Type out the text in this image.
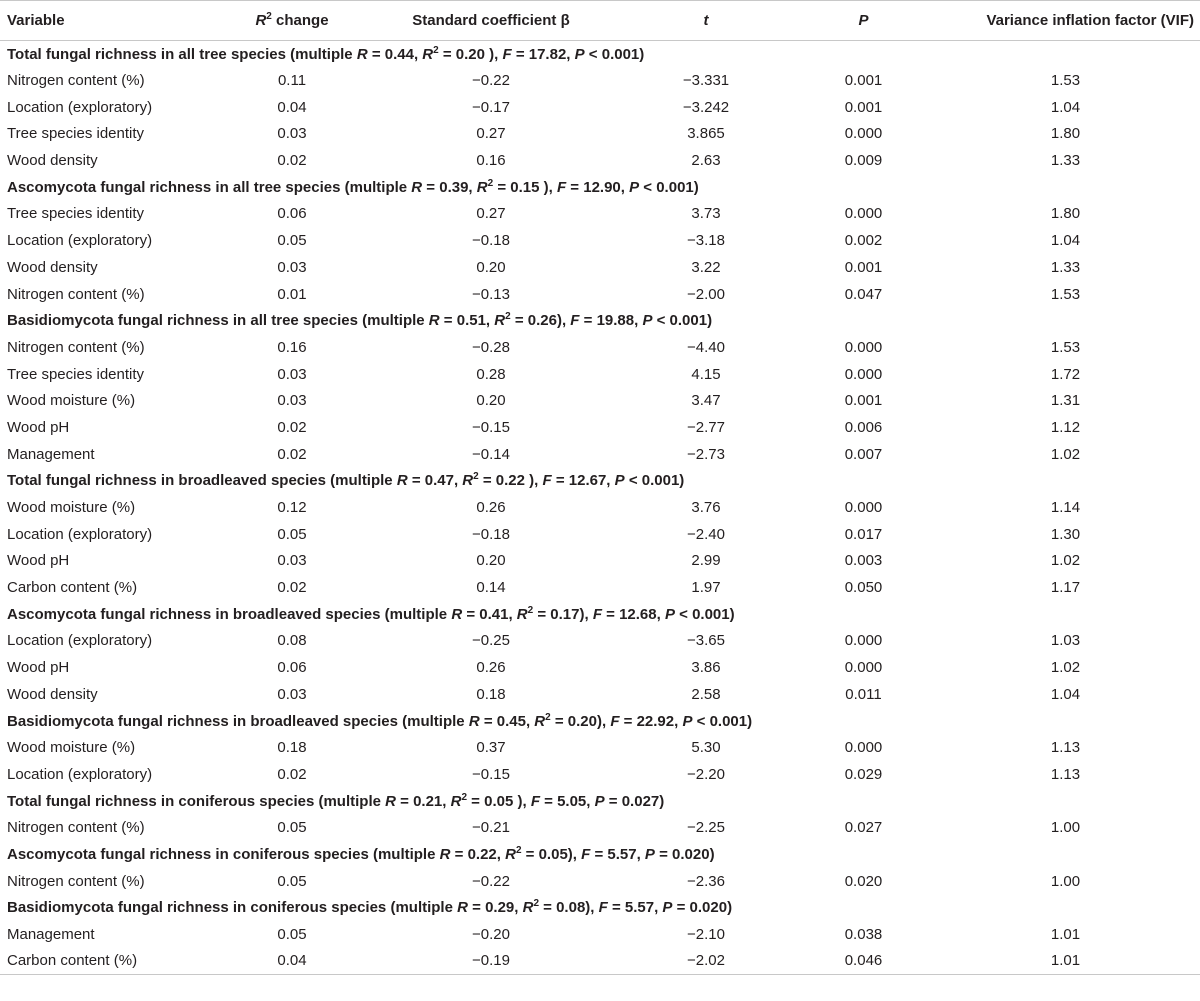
Variable	$R^2$ change	Standard coefficient β	t	P	Variance inflation factor (VIF)
Total fungal richness in all tree species (multiple R = 0.44, $R^2 = 0.20$ ), F = 17.82, P < 0.001)					
Nitrogen content (%)	0.11	−0.22	−3.331	0.001	1.53
Location (exploratory)	0.04	−0.17	−3.242	0.001	1.04
Tree species identity	0.03	0.27	3.865	0.000	1.80
Wood density	0.02	0.16	2.63	0.009	1.33
Ascomycota fungal richness in all tree species (multiple R = 0.39, $R^2 = 0.15$ ), F = 12.90, P < 0.001)					
Tree species identity	0.06	0.27	3.73	0.000	1.80
Location (exploratory)	0.05	−0.18	−3.18	0.002	1.04
Wood density	0.03	0.20	3.22	0.001	1.33
Nitrogen content (%)	0.01	−0.13	−2.00	0.047	1.53
Basidiomycota fungal richness in all tree species (multiple R = 0.51, $R^2 = 0.26$), F = 19.88, P < 0.001)					
Nitrogen content (%)	0.16	−0.28	−4.40	0.000	1.53
Tree species identity	0.03	0.28	4.15	0.000	1.72
Wood moisture (%)	0.03	0.20	3.47	0.001	1.31
Wood pH	0.02	−0.15	−2.77	0.006	1.12
Management	0.02	−0.14	−2.73	0.007	1.02
Total fungal richness in broadleaved species (multiple R = 0.47, $R^2 = 0.22$ ), F = 12.67, P < 0.001)					
Wood moisture (%)	0.12	0.26	3.76	0.000	1.14
Location (exploratory)	0.05	−0.18	−2.40	0.017	1.30
Wood pH	0.03	0.20	2.99	0.003	1.02
Carbon content (%)	0.02	0.14	1.97	0.050	1.17
Ascomycota fungal richness in broadleaved species (multiple R = 0.41, $R^2 = 0.17$), F = 12.68, P < 0.001)					
Location (exploratory)	0.08	−0.25	−3.65	0.000	1.03
Wood pH	0.06	0.26	3.86	0.000	1.02
Wood density	0.03	0.18	2.58	0.011	1.04
Basidiomycota fungal richness in broadleaved species (multiple R = 0.45, $R^2 = 0.20$), F = 22.92, P < 0.001)					
Wood moisture (%)	0.18	0.37	5.30	0.000	1.13
Location (exploratory)	0.02	−0.15	−2.20	0.029	1.13
Total fungal richness in coniferous species (multiple R = 0.21, $R^2 = 0.05$ ), F = 5.05, P = 0.027)					
Nitrogen content (%)	0.05	−0.21	−2.25	0.027	1.00
Ascomycota fungal richness in coniferous species (multiple R = 0.22, $R^2 = 0.05$), F = 5.57, P = 0.020)					
Nitrogen content (%)	0.05	−0.22	−2.36	0.020	1.00
Basidiomycota fungal richness in coniferous species (multiple R = 0.29, $R^2 = 0.08$), F = 5.57, P = 0.020)					
Management	0.05	−0.20	−2.10	0.038	1.01
Carbon content (%)	0.04	−0.19	−2.02	0.046	1.01
